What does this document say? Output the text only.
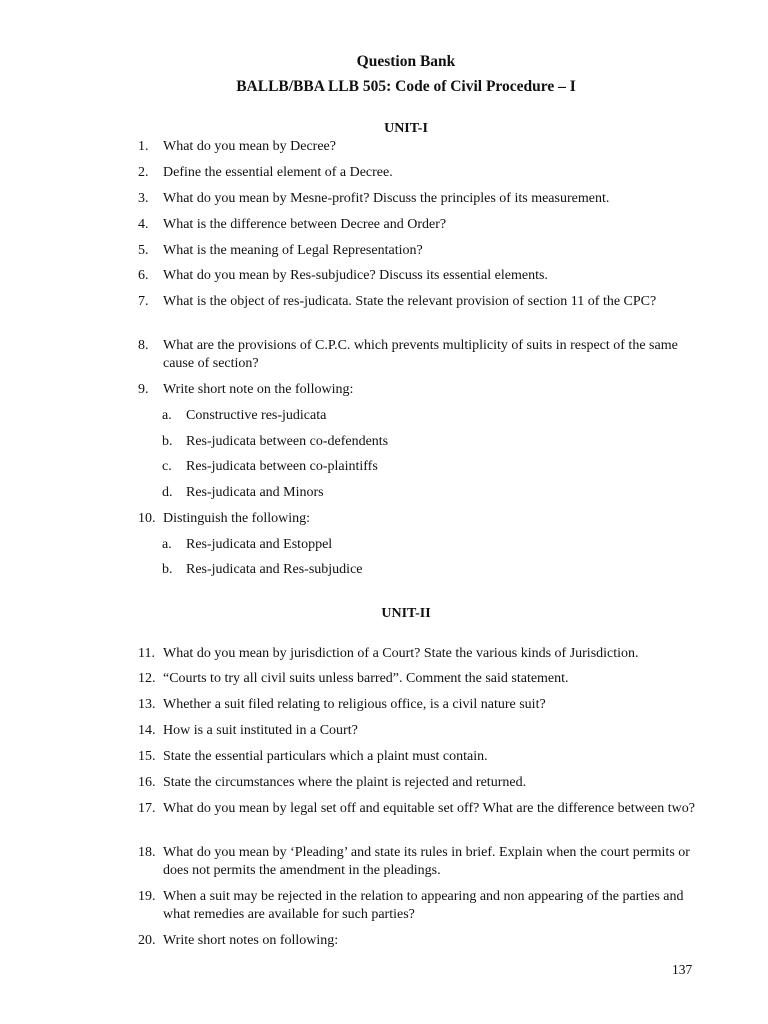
Question Bank
BALLB/BBA LLB 505: Code of Civil Procedure – I
UNIT-I
1.	What do you mean by Decree?
2.	Define the essential element of a Decree.
3.	What do you mean by Mesne-profit? Discuss the principles of its measurement.
4.	What is the difference between Decree and Order?
5.	What is the meaning of Legal Representation?
6.	What do you mean by Res-subjudice? Discuss its essential elements.
7.	What is the object of res-judicata. State the relevant provision of section 11 of the CPC?
8.	What are the provisions of C.P.C. which prevents multiplicity of suits in respect of the same cause of section?
9.	Write short note on the following:
a. Constructive res-judicata
b. Res-judicata between co-defendents
c. Res-judicata between co-plaintiffs
d. Res-judicata and Minors
10. Distinguish the following:
a. Res-judicata and Estoppel
b. Res-judicata and Res-subjudice
UNIT-II
11. What do you mean by jurisdiction of a Court? State the various kinds of Jurisdiction.
12. “Courts to try all civil suits unless barred”. Comment the said statement.
13. Whether a suit filed relating to religious office, is a civil nature suit?
14. How is a suit instituted in a Court?
15. State the essential particulars which a plaint must contain.
16. State the circumstances where the plaint is rejected and returned.
17. What do you mean by legal set off and equitable set off? What are the difference between two?
18. What do you mean by ‘Pleading’ and state its rules in brief. Explain when the court permits or does not permits the amendment in the pleadings.
19. When a suit may be rejected in the relation to appearing and non appearing of the parties and what remedies are available for such parties?
20. Write short notes on following:
137
